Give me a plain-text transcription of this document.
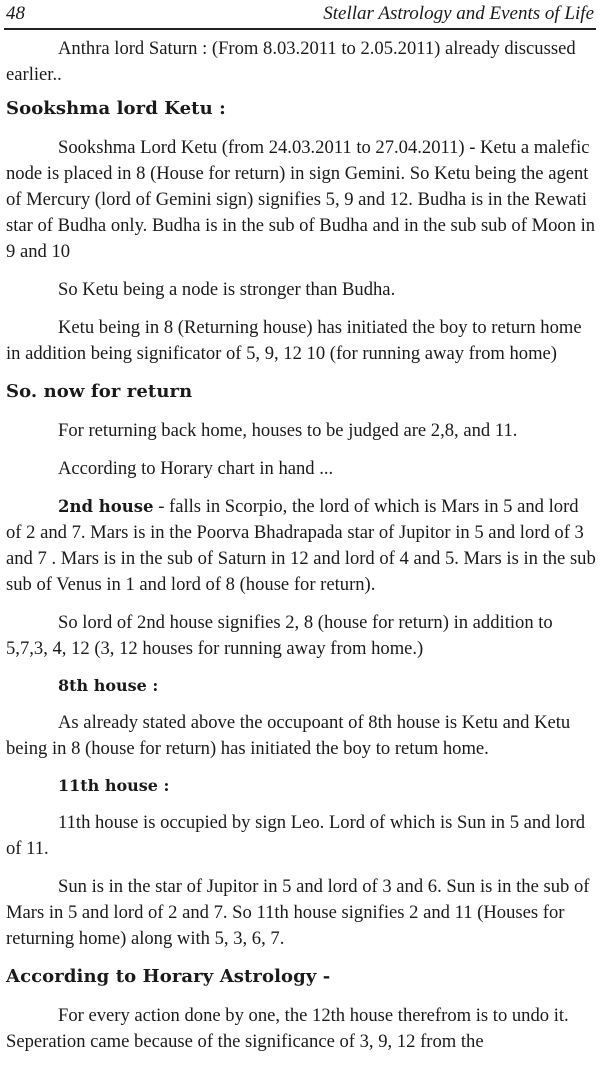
48	Stellar Astrology and Events of Life

Anthra lord Saturn : (From 8.03.2011 to 2.05.2011) already discussed earlier..

Sookshma lord Ketu :

Sookshma Lord Ketu (from 24.03.2011 to 27.04.2011) - Ketu a malefic node is placed in 8 (House for return) in sign Gemini. So Ketu being the agent of Mercury (lord of Gemini sign) signifies 5, 9 and 12. Budha is in the Rewati star of Budha only. Budha is in the sub of Budha and in the sub sub of Moon in 9 and 10

So Ketu being a node is stronger than Budha.

Ketu being in 8 (Returning house) has initiated the boy to return home in addition being significator of 5, 9, 12 10 (for running away from home)

So. now for return

For returning back home, houses to be judged are 2,8, and 11.

According to Horary chart in hand ...

2nd house - falls in Scorpio, the lord of which is Mars in 5 and lord of 2 and 7. Mars is in the Poorva Bhadrapada star of Jupitor in 5 and lord of 3 and 7 . Mars is in the sub of Saturn in 12 and lord of 4 and 5. Mars is in the sub sub of Venus in 1 and lord of 8 (house for return).

So lord of 2nd house signifies 2, 8 (house for return) in addition to 5,7,3, 4, 12 (3, 12 houses for running away from home.)

8th house :

As already stated above the occupoant of 8th house is Ketu and Ketu being in 8 (house for return) has initiated the boy to retum home.

11th house :

11th house is occupied by sign Leo. Lord of which is Sun in 5 and lord of 11.

Sun is in the star of Jupitor in 5 and lord of 3 and 6. Sun is in the sub of Mars in 5 and lord of 2 and 7. So 11th house signifies 2 and 11 (Houses for returning home) along with 5, 3, 6, 7.

According to Horary Astrology -

For every action done by one, the 12th house therefrom is to undo it. Seperation came because of the significance of 3, 9, 12 from the
